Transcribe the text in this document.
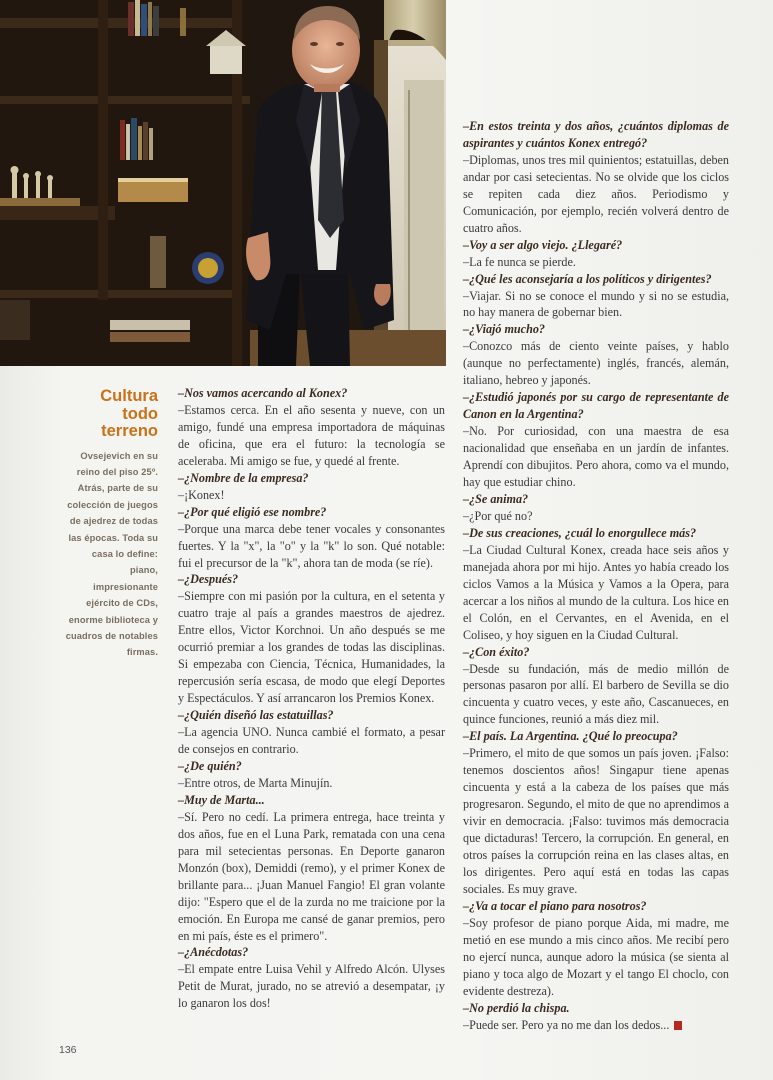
Cultura
todo
terreno
Ovsejevich en su
reino del piso 25º.
Atrás, parte de su
colección de juegos
de ajedrez de todas
las épocas. Toda su
casa lo define:
piano,
impresionante
ejército de CDs,
enorme biblioteca y
cuadros de notables
firmas.

–Nos vamos acercando al Konex?

–Estamos cerca. En el año sesenta y nueve, con un amigo, fundé una empresa importadora de máquinas de oficina, que era el futuro: la tecnología se aceleraba. Mi amigo se fue, y quedé al frente.

–¿Nombre de la empresa?

–¡Konex!

–¿Por qué eligió ese nombre?

–Porque una marca debe tener vocales y consonantes fuertes. Y la "x", la "o" y la "k" lo son. Qué notable: fui el precursor de la "k", ahora tan de moda (se ríe).

–¿Después?

–Siempre con mi pasión por la cultura, en el setenta y cuatro traje al país a grandes maestros de ajedrez. Entre ellos, Victor Korchnoi. Un año después se me ocurrió premiar a los grandes de todas las disciplinas. Si empezaba con Ciencia, Técnica, Humanidades, la repercusión sería escasa, de modo que elegí Deportes y Espectáculos. Y así arrancaron los Premios Konex.

–¿Quién diseñó las estatuillas?

–La agencia UNO. Nunca cambié el formato, a pesar de consejos en contrario.

–¿De quién?

–Entre otros, de Marta Minujín.

–Muy de Marta...

–Sí. Pero no cedí. La primera entrega, hace treinta y dos años, fue en el Luna Park, rematada con una cena para mil setecientas personas. En Deporte ganaron Monzón (box), Demiddi (remo), y el primer Konex de brillante para... ¡Juan Manuel Fangio! El gran volante dijo: "Espero que el de la zurda no me traicione por la emoción. En Europa me cansé de ganar premios, pero en mi país, éste es el primero".

–¿Anécdotas?

–El empate entre Luisa Vehil y Alfredo Alcón. Ulyses Petit de Murat, jurado, no se atrevió a desempatar, ¡y lo ganaron los dos!

–En estos treinta y dos años, ¿cuántos diplomas de aspirantes y cuántos Konex entregó?

–Diplomas, unos tres mil quinientos; estatuillas, deben andar por casi setecientas. No se olvide que los ciclos se repiten cada diez años. Periodismo y Comunicación, por ejemplo, recién volverá dentro de cuatro años.

–Voy a ser algo viejo. ¿Llegaré?

–La fe nunca se pierde.

–¿Qué les aconsejaría a los políticos y dirigentes?

–Viajar. Si no se conoce el mundo y si no se estudia, no hay manera de gobernar bien.

–¿Viajó mucho?

–Conozco más de ciento veinte países, y hablo (aunque no perfectamente) inglés, francés, alemán, italiano, hebreo y japonés.

–¿Estudió japonés por su cargo de representante de Canon en la Argentina?

–No. Por curiosidad, con una maestra de esa nacionalidad que enseñaba en un jardín de infantes. Aprendí con dibujitos. Pero ahora, como va el mundo, hay que estudiar chino.

–¿Se anima?

–¿Por qué no?

–De sus creaciones, ¿cuál lo enorgullece más?

–La Ciudad Cultural Konex, creada hace seis años y manejada ahora por mi hijo. Antes yo había creado los ciclos Vamos a la Música y Vamos a la Opera, para acercar a los niños al mundo de la cultura. Los hice en el Colón, en el Cervantes, en el Avenida, en el Coliseo, y hoy siguen en la Ciudad Cultural.

–¿Con éxito?

–Desde su fundación, más de medio millón de personas pasaron por allí. El barbero de Sevilla se dio cincuenta y cuatro veces, y este año, Cascanueces, en quince funciones, reunió a más diez mil.

–El país. La Argentina. ¿Qué lo preocupa?

–Primero, el mito de que somos un país joven. ¡Falso: tenemos doscientos años! Singapur tiene apenas cincuenta y está a la cabeza de los países que más progresaron. Segundo, el mito de que no aprendimos a vivir en democracia. ¡Falso: tuvimos más democracia que dictaduras! Tercero, la corrupción. En general, en otros países la corrupción reina en las clases altas, en los dirigentes. Pero aquí está en todas las capas sociales. Es muy grave.

–¿Va a tocar el piano para nosotros?

–Soy profesor de piano porque Aida, mi madre, me metió en ese mundo a mis cinco años. Me recibí pero no ejercí nunca, aunque adoro la música (se sienta al piano y toca algo de Mozart y el tango El choclo, con evidente destreza).

–No perdió la chispa.

–Puede ser. Pero ya no me dan los dedos...

136
